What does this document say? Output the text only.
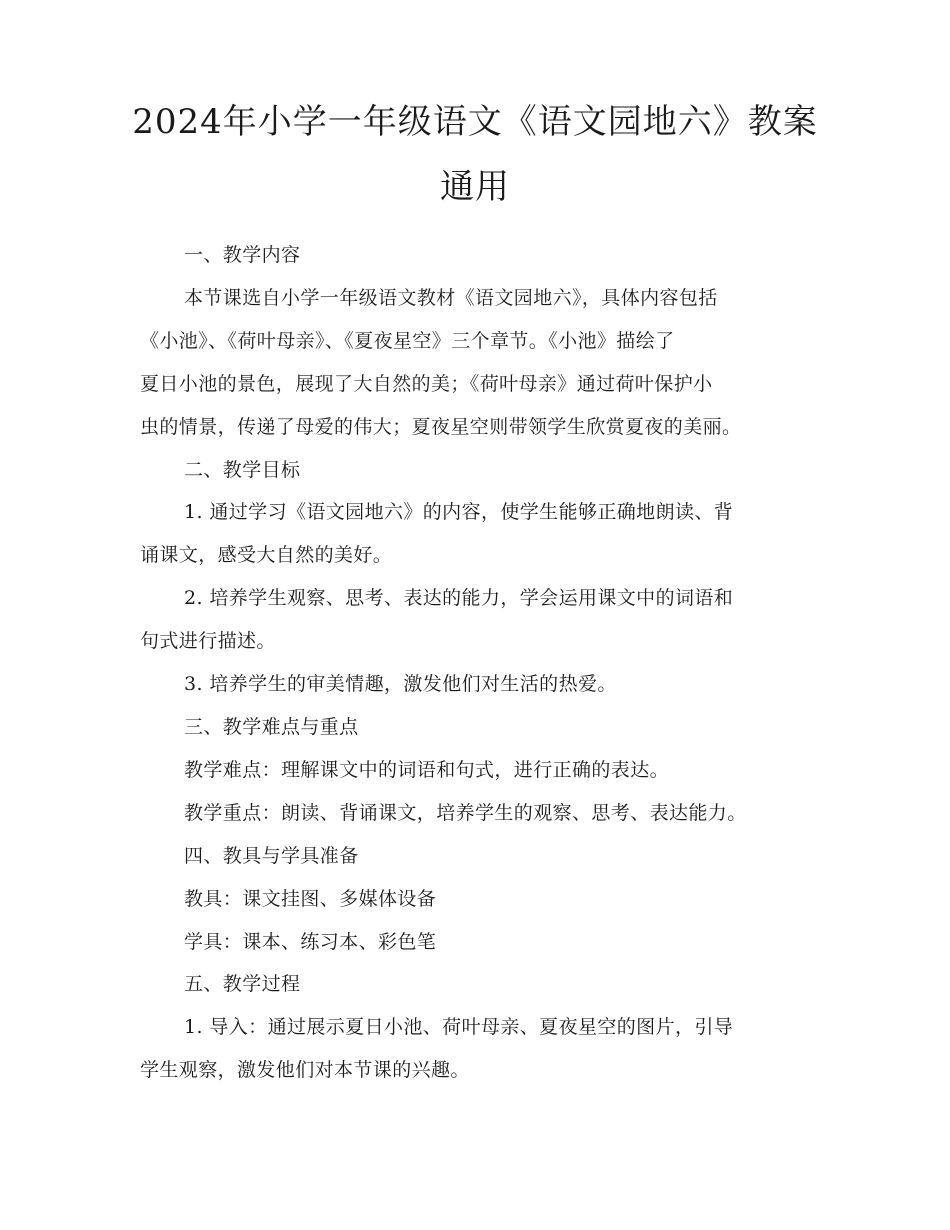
2024年小学一年级语文《语文园地六》教案
通用
一、教学内容
本节课选自小学一年级语文教材《语文园地六》，具体内容包括
《小池》、《荷叶母亲》、《夏夜星空》三个章节。《小池》描绘了
夏日小池的景色，展现了大自然的美；《荷叶母亲》通过荷叶保护小
虫的情景，传递了母爱的伟大；夏夜星空则带领学生欣赏夏夜的美丽。
二、教学目标
1. 通过学习《语文园地六》的内容，使学生能够正确地朗读、背
诵课文，感受大自然的美好。
2. 培养学生观察、思考、表达的能力，学会运用课文中的词语和
句式进行描述。
3. 培养学生的审美情趣，激发他们对生活的热爱。
三、教学难点与重点
教学难点：理解课文中的词语和句式，进行正确的表达。
教学重点：朗读、背诵课文，培养学生的观察、思考、表达能力。
四、教具与学具准备
教具：课文挂图、多媒体设备
学具：课本、练习本、彩色笔
五、教学过程
1. 导入：通过展示夏日小池、荷叶母亲、夏夜星空的图片，引导
学生观察，激发他们对本节课的兴趣。
